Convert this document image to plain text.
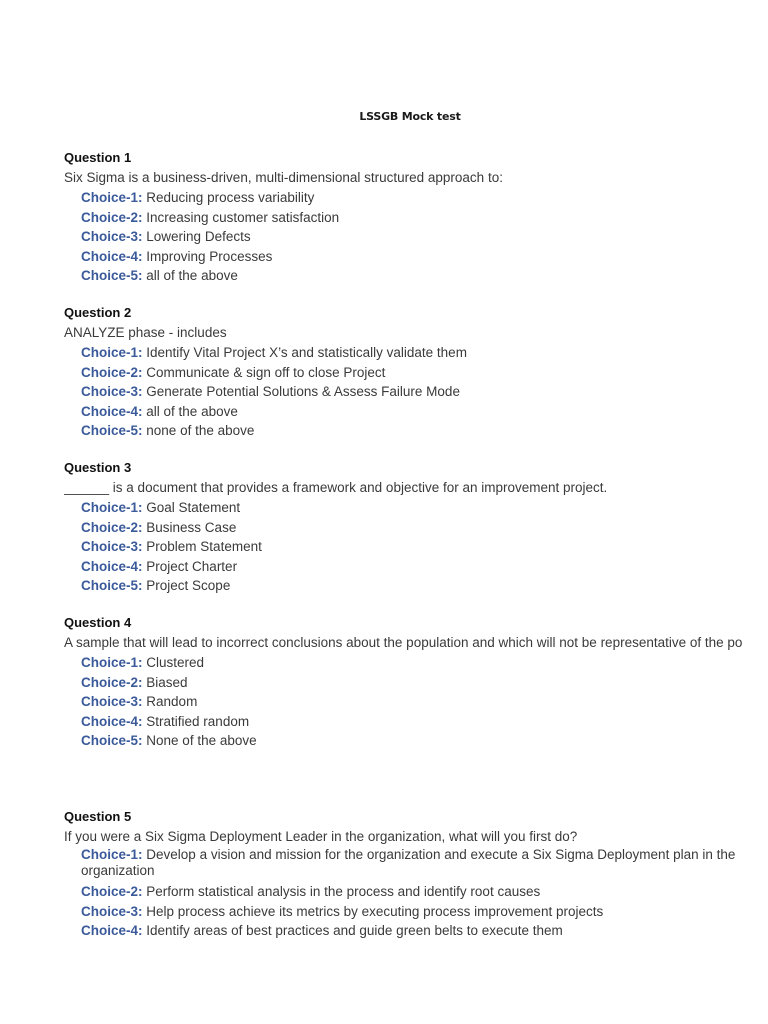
LSSGB Mock test
Question 1
Six Sigma is a business-driven, multi-dimensional structured approach to:
Choice-1: Reducing process variability
Choice-2: Increasing customer satisfaction
Choice-3: Lowering Defects
Choice-4: Improving Processes
Choice-5: all of the above
Question 2
ANALYZE phase - includes
Choice-1: Identify Vital Project X’s and statistically validate them
Choice-2: Communicate & sign off to close Project
Choice-3: Generate Potential Solutions & Assess Failure Mode
Choice-4: all of the above
Choice-5: none of the above
Question 3
______ is a document that provides a framework and objective for an improvement project.
Choice-1: Goal Statement
Choice-2: Business Case
Choice-3: Problem Statement
Choice-4: Project Charter
Choice-5: Project Scope
Question 4
A sample that will lead to incorrect conclusions about the population and which will not be representative of the po
Choice-1: Clustered
Choice-2: Biased
Choice-3: Random
Choice-4: Stratified random
Choice-5: None of the above
Question 5
If you were a Six Sigma Deployment Leader in the organization, what will you first do?
Choice-1: Develop a vision and mission for the organization and execute a Six Sigma Deployment plan in the organization
Choice-2: Perform statistical analysis in the process and identify root causes
Choice-3: Help process achieve its metrics by executing process improvement projects
Choice-4: Identify areas of best practices and guide green belts to execute them
